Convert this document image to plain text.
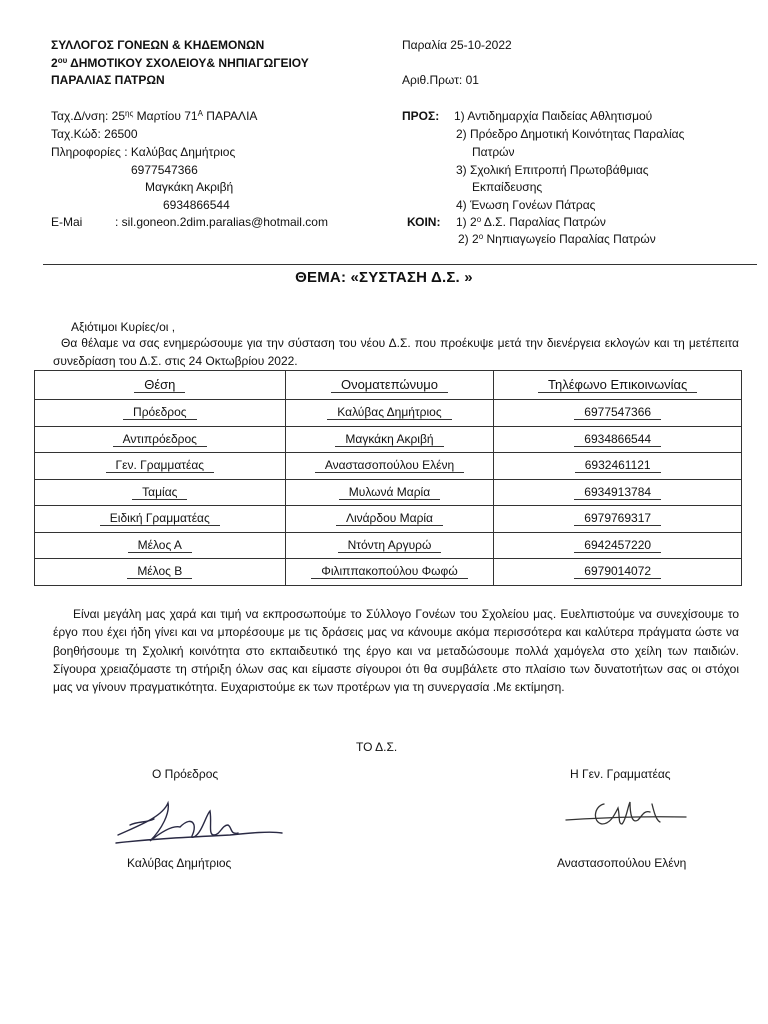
ΣΥΛΛΟΓΟΣ ΓΟΝΕΩΝ & ΚΗΔΕΜΟΝΩΝ
$2^{o\upsilon}$ ΔΗΜΟΤΙΚΟΥ ΣΧΟΛΕΙΟΥ& ΝΗΠΙΑΓΩΓΕΙΟΥ
ΠΑΡΑΛΙΑΣ ΠΑΤΡΩΝ
Ταχ.Δ/νση: $25^{\eta\varsigma}$ Μαρτίου $71^A$ ΠΑΡΑΛΙΑ
Ταχ.Κώδ: 26500
Πληροφορίες : Καλύβας Δημήτριος
6977547366
Μαγκάκη Ακριβή
6934866544
E-Mai	: sil.goneon.2dim.paralias@hotmail.com
Παραλία 25-10-2022
Αριθ.Πρωτ: 01
ΠΡΟΣ: 1) Αντιδημαρχία Παιδείας Αθλητισμού
2) Πρόεδρο Δημοτική Κοινότητας Παραλίας
Πατρών
3) Σχολική Επιτροπή Πρωτοβάθμιας
Εκπαίδευσης
4) Ένωση Γονέων Πάτρας
ΚΟΙΝ: 1) $2^o$ Δ.Σ. Παραλίας Πατρών
2) $2^o$ Νηπιαγωγείο Παραλίας Πατρών
ΘΕΜΑ: «ΣΥΣΤΑΣΗ Δ.Σ. »
Αξιότιμοι Κυρίες/οι ,
Θα θέλαμε να σας ενημερώσουμε για την σύσταση του νέου Δ.Σ. που προέκυψε μετά την διενέργεια εκλογών και τη μετέπειτα συνεδρίαση του Δ.Σ. στις 24 Οκτωβρίου 2022.
Θέση	Ονοματεπώνυμο	Τηλέφωνο Επικοινωνίας
Πρόεδρος	Καλύβας Δημήτριος	6977547366
Αντιπρόεδρος	Μαγκάκη Ακριβή	6934866544
Γεν. Γραμματέας	Αναστασοπούλου Ελένη	6932461121
Ταμίας	Μυλωνά Μαρία	6934913784
Ειδική Γραμματέας	Λινάρδου Μαρία	6979769317
Μέλος Α	Ντόντη Αργυρώ	6942457220
Μέλος Β	Φιλιππακοπούλου Φωφώ	6979014072
Είναι μεγάλη μας χαρά και τιμή να εκπροσωπούμε το Σύλλογο Γονέων του Σχολείου μας. Ευελπιστούμε να συνεχίσουμε το έργο που έχει ήδη γίνει και να μπορέσουμε με τις δράσεις μας να κάνουμε ακόμα περισσότερα και καλύτερα πράγματα ώστε να βοηθήσουμε τη Σχολική κοινότητα στο εκπαιδευτικό της έργο και να μεταδώσουμε πολλά χαμόγελα στο χείλη των παιδιών. Σίγουρα χρειαζόμαστε τη στήριξη όλων σας και είμαστε σίγουροι ότι θα συμβάλετε στο πλαίσιο των δυνατοτήτων σας οι στόχοι μας να γίνουν πραγματικότητα. Ευχαριστούμε εκ των προτέρων για τη συνεργασία .Με εκτίμηση.
ΤΟ Δ.Σ.
Ο Πρόεδρος	Η Γεν. Γραμματέας
Καλύβας Δημήτριος	Αναστασοπούλου Ελένη
